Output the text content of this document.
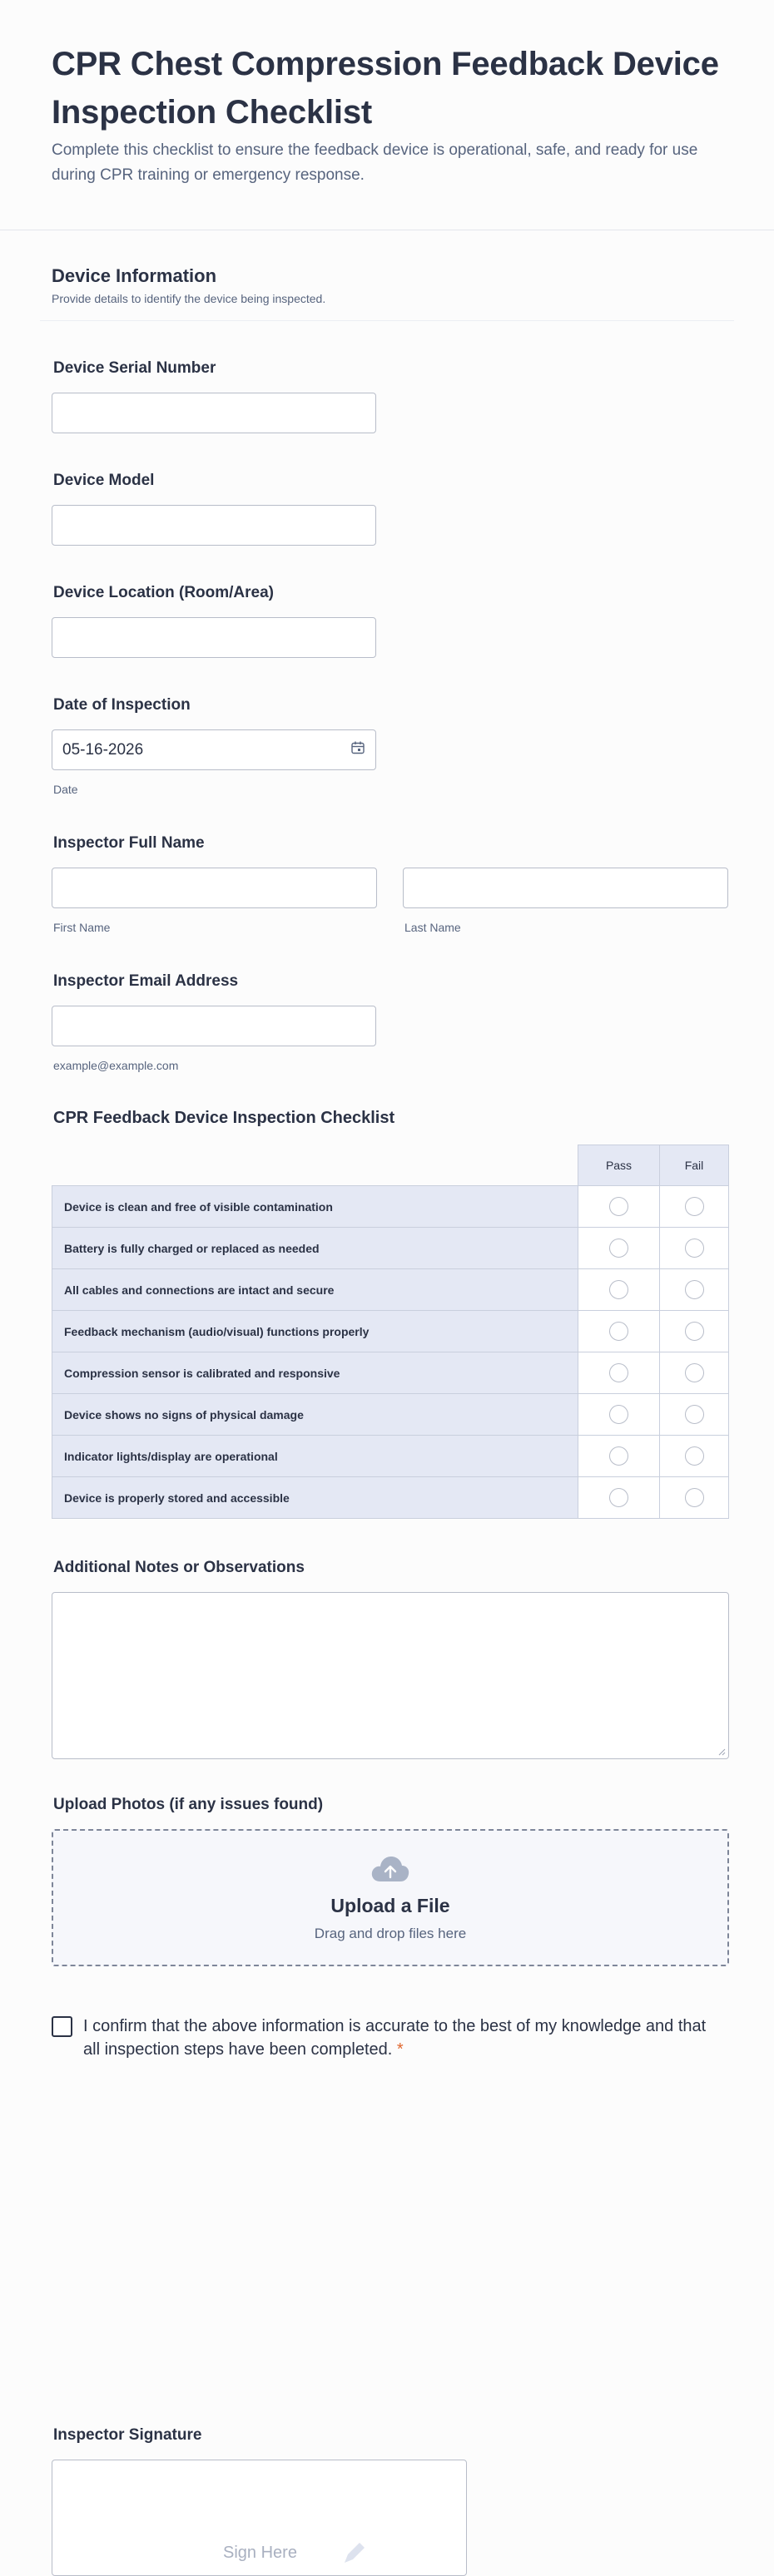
CPR Chest Compression Feedback Device Inspection Checklist

Complete this checklist to ensure the feedback device is operational, safe, and ready for use during CPR training or emergency response.

Device Information

Provide details to identify the device being inspected.

Device Serial Number
Device Model
Device Location (Room/Area)
Date of Inspection
05-16-2026
Date
Inspector Full Name
First Name	Last Name
Inspector Email Address
example@example.com
CPR Feedback Device Inspection Checklist
	Pass	Fail
Device is clean and free of visible contamination		
Battery is fully charged or replaced as needed		
All cables and connections are intact and secure		
Feedback mechanism (audio/visual) functions properly		
Compression sensor is calibrated and responsive		
Device shows no signs of physical damage		
Indicator lights/display are operational		
Device is properly stored and accessible		
Additional Notes or Observations
Upload Photos (if any issues found)
Upload a File
Drag and drop files here
I confirm that the above information is accurate to the best of my knowledge and that all inspection steps have been completed. *
Inspector Signature
Sign Here
